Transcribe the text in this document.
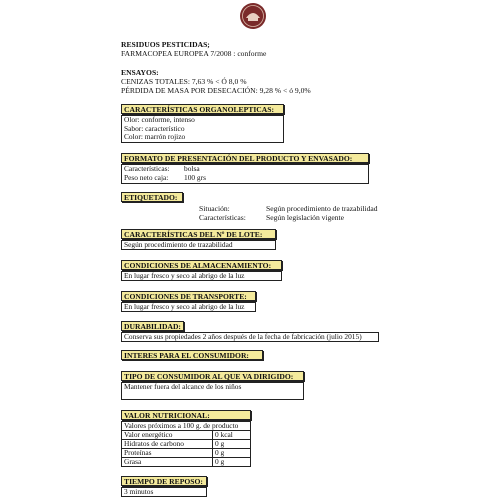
RESIDUOS PESTICIDAS;
FARMACOPEA EUROPEA 7/2008 : conforme
ENSAYOS:
CENIZAS TOTALES: 7,63 % < Ó 8,0 %
PÉRDIDA DE MASA POR DESECACIÓN: 9,28 % < ó 9,0%
CARACTERÍSTICAS ORGANOLEPTICAS:
Olor: conforme, intenso
Sabor: característico
Color: marrón rojizo
FORMATO DE PRESENTACIÓN DEL PRODUCTO Y ENVASADO:
Características: bolsa
Peso neto caja: 100 grs
ETIQUETADO:
Situación:	Según procedimiento de trazabilidad
Características:	Según legislación vigente
CARACTERÍSTICAS DEL Nº DE LOTE:
Según procedimiento de trazabilidad
CONDICIONES DE ALMACENAMIENTO:
En lugar fresco y seco al abrigo de la luz
CONDICIONES DE TRANSPORTE:
En lugar fresco y seco al abrigo de la luz
DURABILIDAD:
Conserva sus propiedades 2 años después de la fecha de fabricación (julio 2015)
INTERES PARA EL CONSUMIDOR:
TIPO DE CONSUMIDOR AL QUE VA DIRIGIDO:
Mantener fuera del alcance de los niños
VALOR NUTRICIONAL:
Valores próximos a 100 g. de producto	
Valor energético	0 kcal
Hidratos de carbono	0 g
Proteínas	0 g
Grasa	0 g
TIEMPO DE REPOSO:
3 minutos
